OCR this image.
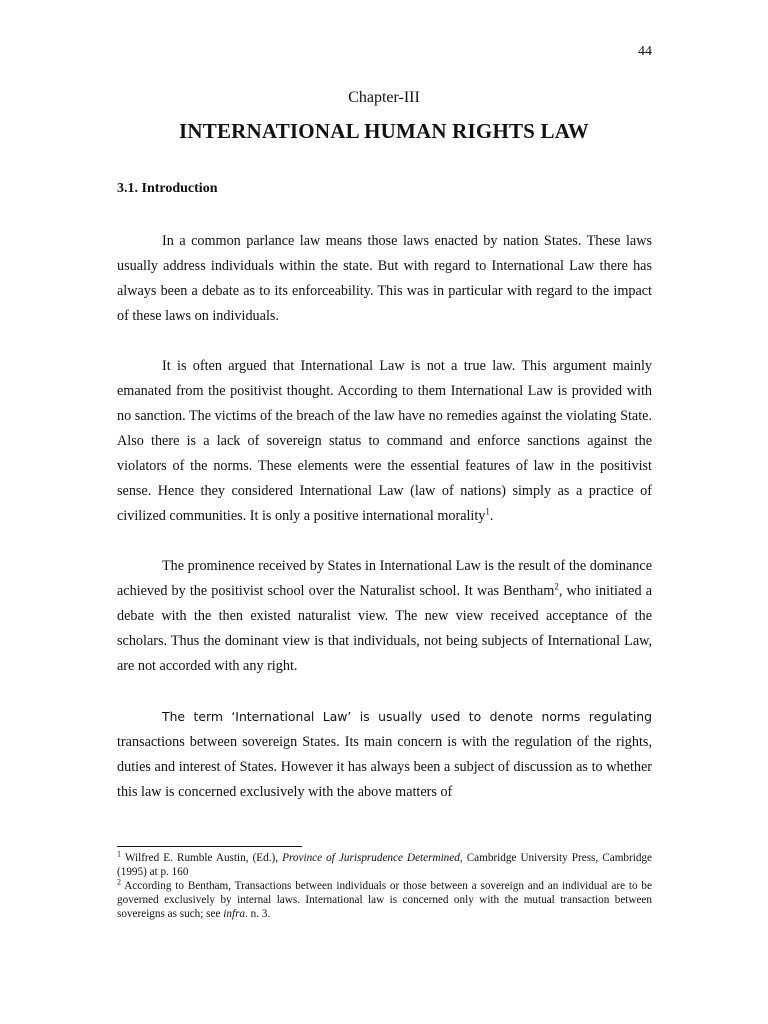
44
Chapter-III
INTERNATIONAL HUMAN RIGHTS LAW
3.1. Introduction

In a common parlance law means those laws enacted by nation States. These laws usually address individuals within the state. But with regard to International Law there has always been a debate as to its enforceability. This was in particular with regard to the impact of these laws on individuals.

It is often argued that International Law is not a true law. This argument mainly emanated from the positivist thought. According to them International Law is provided with no sanction. The victims of the breach of the law have no remedies against the violating State. Also there is a lack of sovereign status to command and enforce sanctions against the violators of the norms. These elements were the essential features of law in the positivist sense. Hence they considered International Law (law of nations) simply as a practice of civilized communities. It is only a positive international morality$^1$.

The prominence received by States in International Law is the result of the dominance achieved by the positivist school over the Naturalist school. It was Bentham$^2$, who initiated a debate with the then existed naturalist view. The new view received acceptance of the scholars. Thus the dominant view is that individuals, not being subjects of International Law, are not accorded with any right.

The term ‘International Law’ is usually used to denote norms regulating transactions between sovereign States. Its main concern is with the regulation of the rights, duties and interest of States. However it has always been a subject of discussion as to whether this law is concerned exclusively with the above matters of

$^1$ Wilfred E. Rumble Austin, (Ed.), Province of Jurisprudence Determined, Cambridge University Press, Cambridge (1995) at p. 160

$^2$ According to Bentham, Transactions between individuals or those between a sovereign and an individual are to be governed exclusively by internal laws. International law is concerned only with the mutual transaction between sovereigns as such; see infra. n. 3.
